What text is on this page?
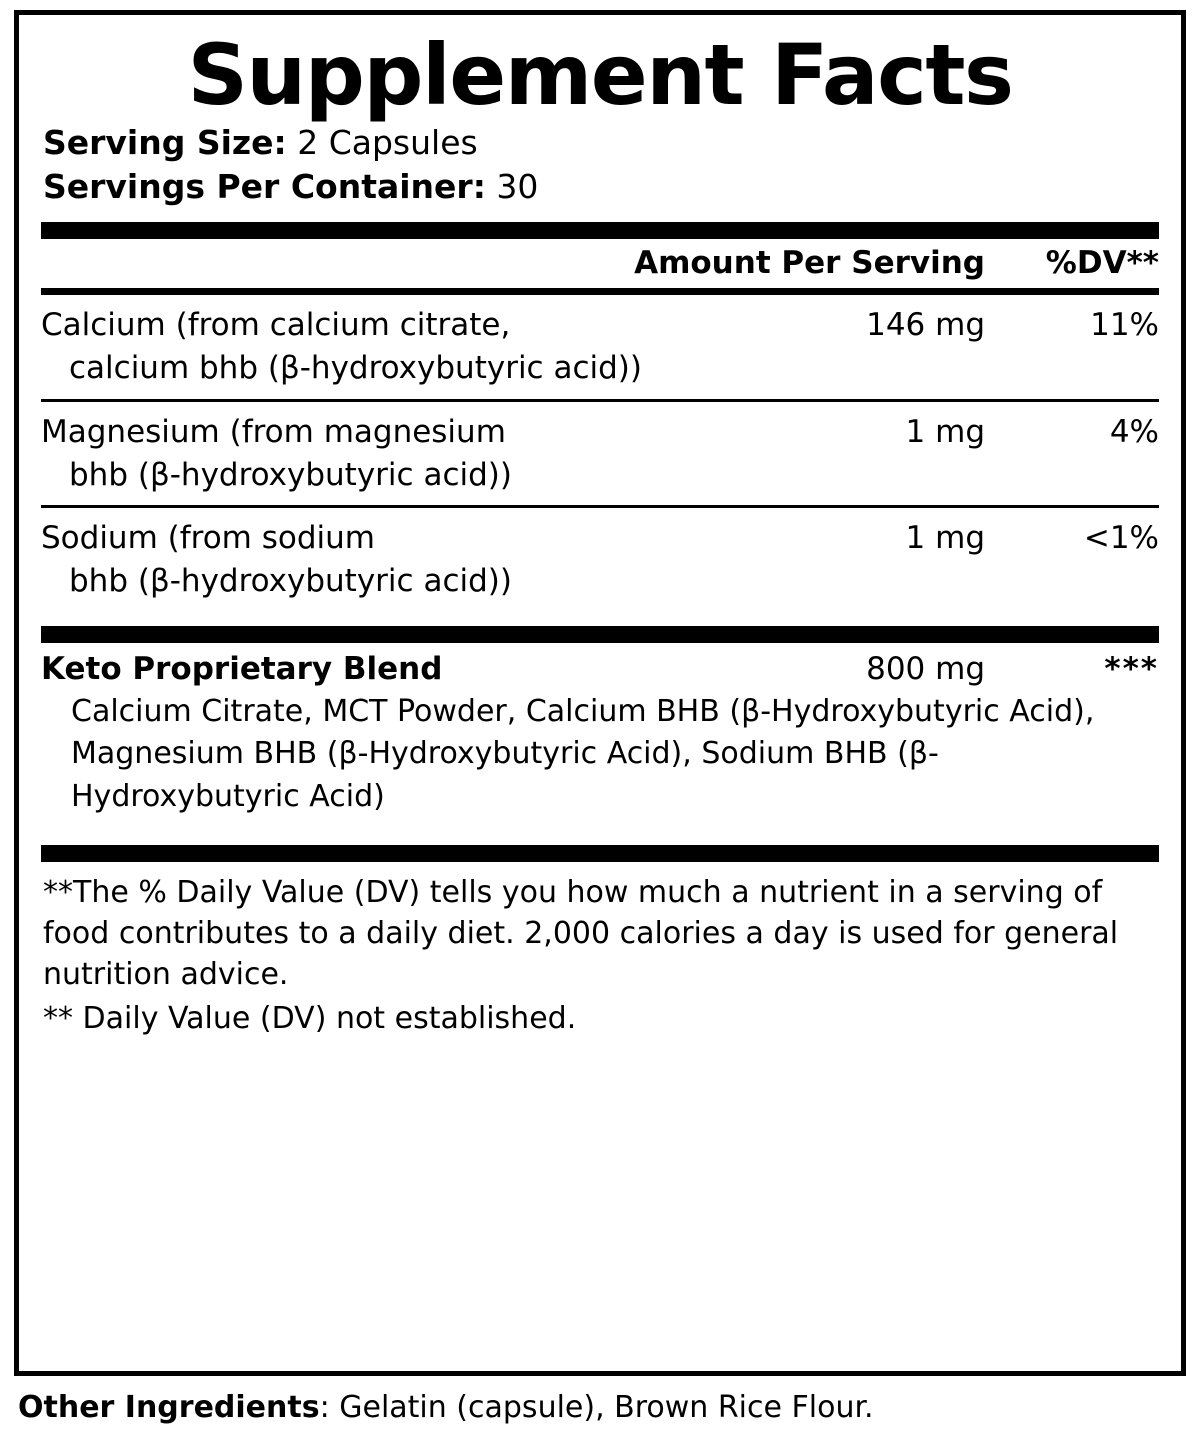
Supplement Facts
Serving Size: 2 Capsules
Servings Per Container: 30
Amount Per Serving	%DV**
Calcium (from calcium citrate,
calcium bhb (β-hydroxybutyric acid))
146 mg	11%
Magnesium (from magnesium
bhb (β-hydroxybutyric acid))
1 mg	4%
Sodium (from sodium
bhb (β-hydroxybutyric acid))
1 mg	<1%
Keto Proprietary Blend	800 mg	***
Calcium Citrate, MCT Powder, Calcium BHB (β-Hydroxybutyric Acid), Magnesium BHB (β-Hydroxybutyric Acid), Sodium BHB (β-Hydroxybutyric Acid)
**The % Daily Value (DV) tells you how much a nutrient in a serving of food contributes to a daily diet. 2,000 calories a day is used for general nutrition advice.
** Daily Value (DV) not established.
Other Ingredients: Gelatin (capsule), Brown Rice Flour.
